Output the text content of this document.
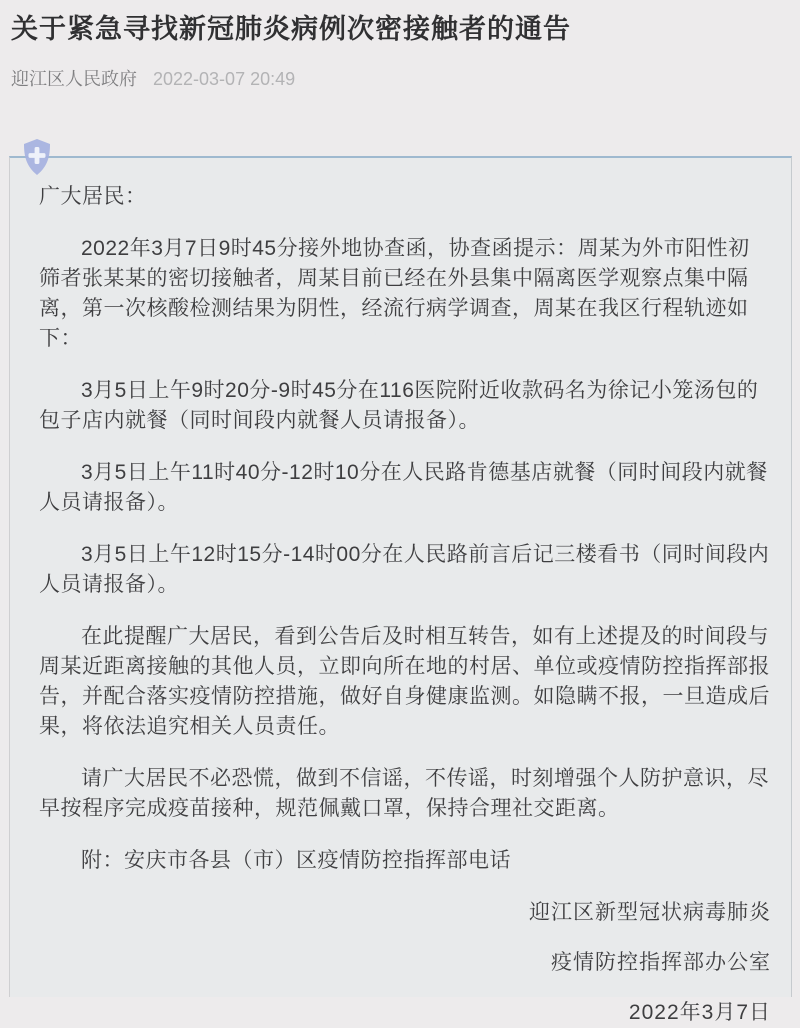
关于紧急寻找新冠肺炎病例次密接触者的通告
迎江区人民政府 2022-03-07 20:49

广大居民：

2022年3月7日9时45分接外地协查函，协查函提示：周某为外市阳性初筛者张某某的密切接触者，周某目前已经在外县集中隔离医学观察点集中隔离，第一次核酸检测结果为阴性，经流行病学调查，周某在我区行程轨迹如下：

3月5日上午9时20分-9时45分在116医院附近收款码名为徐记小笼汤包的包子店内就餐（同时间段内就餐人员请报备）。

3月5日上午11时40分-12时10分在人民路肯德基店就餐（同时间段内就餐人员请报备）。

3月5日上午12时15分-14时00分在人民路前言后记三楼看书（同时间段内人员请报备）。

在此提醒广大居民，看到公告后及时相互转告，如有上述提及的时间段与周某近距离接触的其他人员，立即向所在地的村居、单位或疫情防控指挥部报告，并配合落实疫情防控措施，做好自身健康监测。如隐瞒不报，一旦造成后果，将依法追究相关人员责任。

请广大居民不必恐慌，做到不信谣，不传谣，时刻增强个人防护意识，尽早按程序完成疫苗接种，规范佩戴口罩，保持合理社交距离。

附：安庆市各县（市）区疫情防控指挥部电话

迎江区新型冠状病毒肺炎

疫情防控指挥部办公室

2022年3月7日
